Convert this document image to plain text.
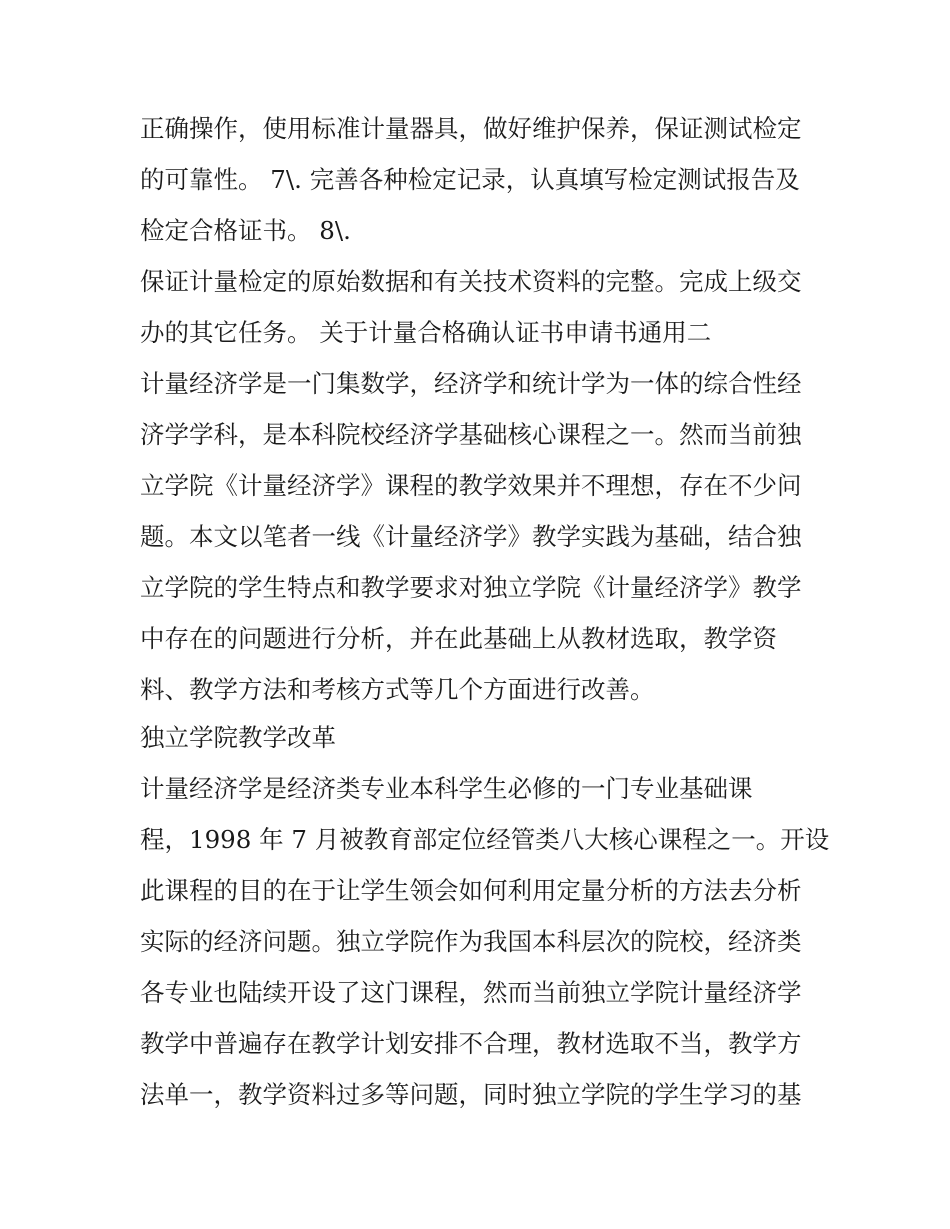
正确操作，使用标准计量器具，做好维护保养，保证测试检定
的可靠性。 7\. 完善各种检定记录，认真填写检定测试报告及
检定合格证书。 8\.
保证计量检定的原始数据和有关技术资料的完整。完成上级交
办的其它任务。 关于计量合格确认证书申请书通用二
计量经济学是一门集数学，经济学和统计学为一体的综合性经
济学学科，是本科院校经济学基础核心课程之一。然而当前独
立学院《计量经济学》课程的教学效果并不理想，存在不少问
题。本文以笔者一线《计量经济学》教学实践为基础，结合独
立学院的学生特点和教学要求对独立学院《计量经济学》教学
中存在的问题进行分析，并在此基础上从教材选取，教学资
料、教学方法和考核方式等几个方面进行改善。
独立学院教学改革
计量经济学是经济类专业本科学生必修的一门专业基础课
程，1998 年 7 月被教育部定位经管类八大核心课程之一。开设
此课程的目的在于让学生领会如何利用定量分析的方法去分析
实际的经济问题。独立学院作为我国本科层次的院校，经济类
各专业也陆续开设了这门课程，然而当前独立学院计量经济学
教学中普遍存在教学计划安排不合理，教材选取不当，教学方
法单一，教学资料过多等问题，同时独立学院的学生学习的基
